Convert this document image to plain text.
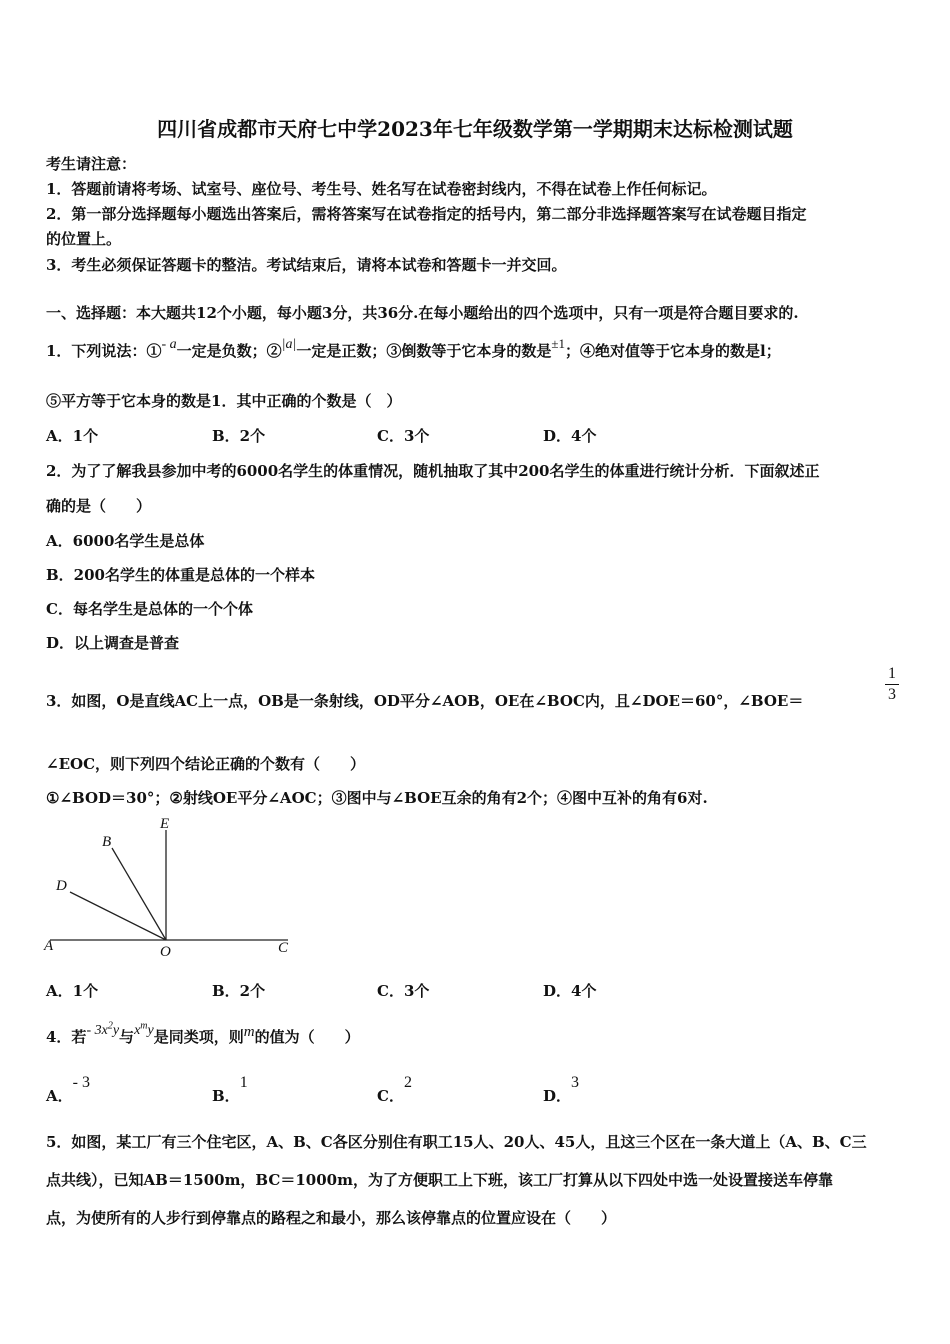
四川省成都市天府七中学2023年七年级数学第一学期期末达标检测试题
考生请注意：
1．答题前请将考场、试室号、座位号、考生号、姓名写在试卷密封线内，不得在试卷上作任何标记。
2．第一部分选择题每小题选出答案后，需将答案写在试卷指定的括号内，第二部分非选择题答案写在试卷题目指定
的位置上。
3．考生必须保证答题卡的整洁。考试结束后，请将本试卷和答题卡一并交回。
一、选择题：本大题共12个小题，每小题3分，共36分.在每小题给出的四个选项中，只有一项是符合题目要求的.
1．下列说法：①- a一定是负数；②|a|一定是正数；③倒数等于它本身的数是±1；④绝对值等于它本身的数是l；
⑤平方等于它本身的数是1．其中正确的个数是（　）
A．1个	B．2个	C．3个	D．4个
2．为了了解我县参加中考的6000名学生的体重情况，随机抽取了其中200名学生的体重进行统计分析．下面叙述正
确的是（　　）
A．6000名学生是总体
B．200名学生的体重是总体的一个样本
C．每名学生是总体的一个个体
D．以上调查是普查
3．如图，O是直线AC上一点，OB是一条射线，OD平分∠AOB，OE在∠BOC内，且∠DOE＝60°，∠BOE＝	$\frac{1}{3}$
∠EOC，则下列四个结论正确的个数有（　　）
①∠BOD＝30°；②射线OE平分∠AOC；③图中与∠BOE互余的角有2个；④图中互补的角有6对.
E
B
D
A	O	C
A．1个	B．2个	C．3个	D．4个
4．若- $3x^2y$与$x^my$是同类项，则m的值为（　　）
A．- 3
B．1
C．2
D．3
5．如图，某工厂有三个住宅区，A、B、C各区分别住有职工15人、20人、45人，且这三个区在一条大道上（A、B、C三
点共线），已知AB＝1500m，BC＝1000m，为了方便职工上下班，该工厂打算从以下四处中选一处设置接送车停靠
点，为使所有的人步行到停靠点的路程之和最小，那么该停靠点的位置应设在（　　）
